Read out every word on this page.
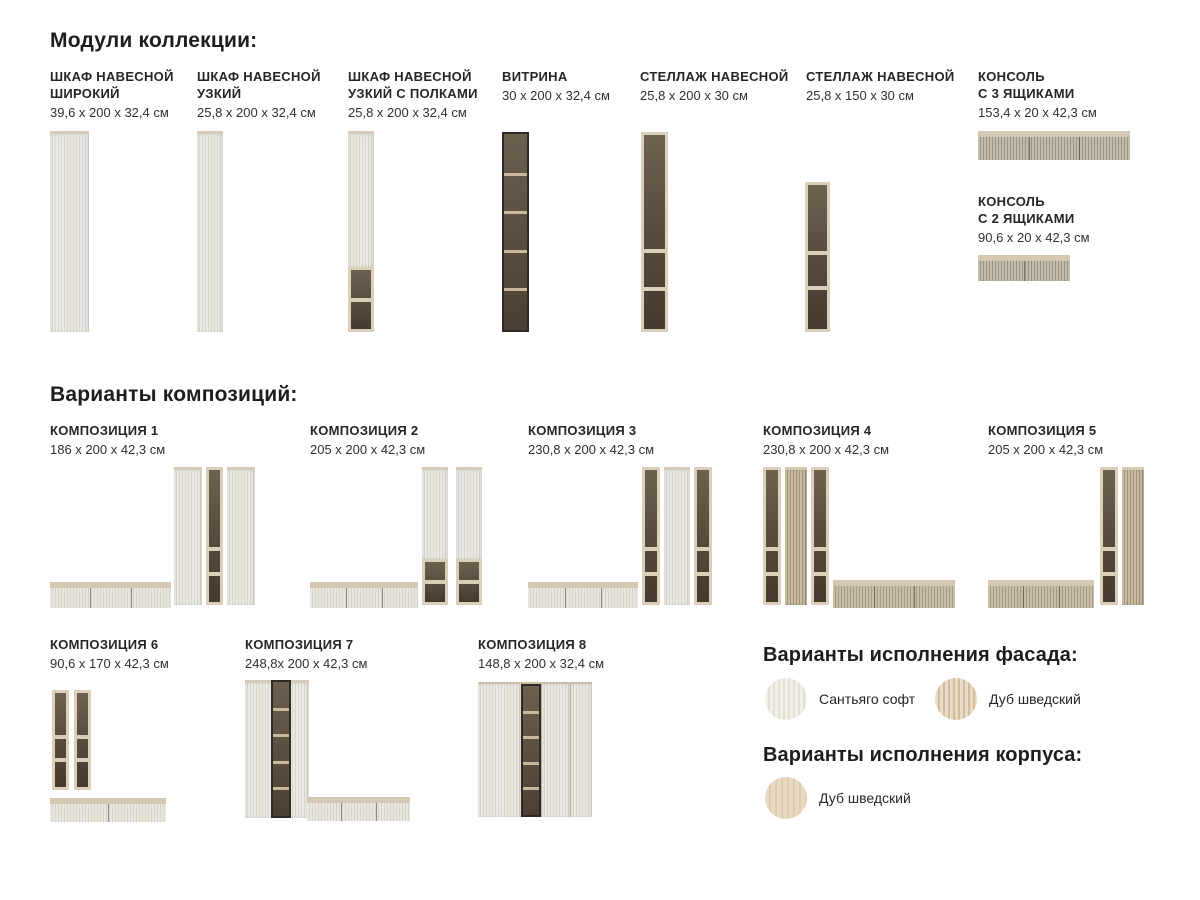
Модули коллекции:
ШКАФ НАВЕСНОЙ
ШИРОКИЙ
39,6 x 200 x 32,4 см
ШКАФ НАВЕСНОЙ
УЗКИЙ
25,8 x 200 x 32,4 см
ШКАФ НАВЕСНОЙ
УЗКИЙ С ПОЛКАМИ
25,8 x 200 x 32,4 см
ВИТРИНА
30 x 200 x 32,4 см
СТЕЛЛАЖ НАВЕСНОЙ
25,8 x 200 x 30 см
СТЕЛЛАЖ НАВЕСНОЙ
25,8 x 150 x 30 см
КОНСОЛЬ
С 3 ЯЩИКАМИ
153,4 x 20 x 42,3 см
КОНСОЛЬ
С 2 ЯЩИКАМИ
90,6 x 20 x 42,3 см
Варианты композиций:
КОМПОЗИЦИЯ 1
186 x 200 x 42,3 см
КОМПОЗИЦИЯ 2
205 x 200 x 42,3 см
КОМПОЗИЦИЯ 3
230,8 x 200 x 42,3 см
КОМПОЗИЦИЯ 4
230,8 x 200 x 42,3 см
КОМПОЗИЦИЯ 5
205 x 200 x 42,3 см
КОМПОЗИЦИЯ 6
90,6 x 170 x 42,3 см
КОМПОЗИЦИЯ 7
248,8x 200 x 42,3 см
КОМПОЗИЦИЯ 8
148,8 x 200 x 32,4 см	Варианты исполнения фасада:
Сантьяго софт	Дуб шведский
Варианты исполнения корпуса:
Дуб шведский
